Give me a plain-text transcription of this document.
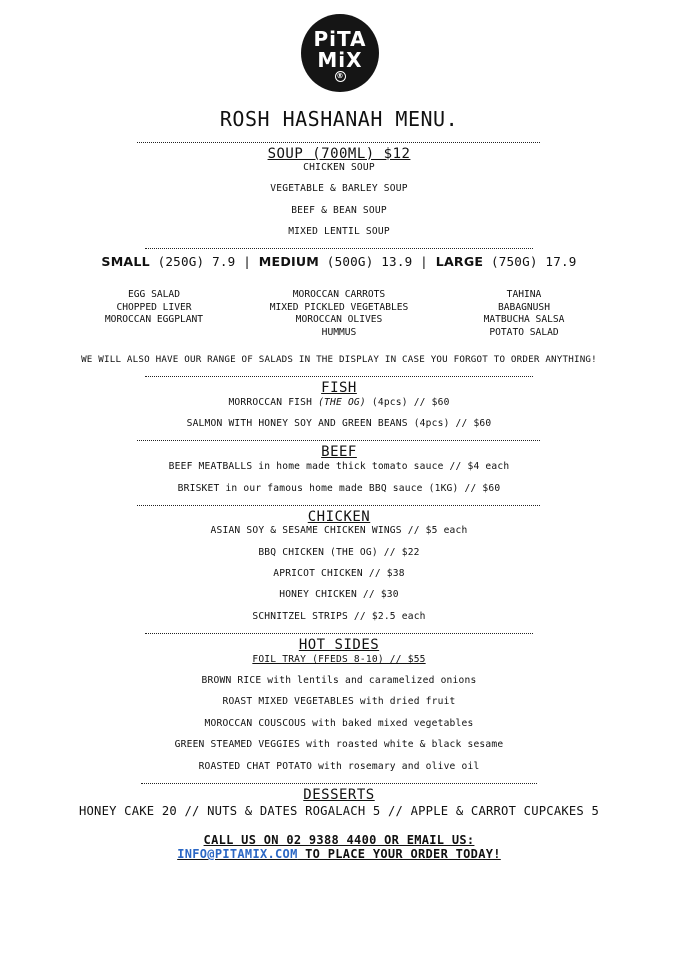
PiTA
MiX
®
ROSH HASHANAH MENU.
SOUP (700ML) $12
CHICKEN SOUP
VEGETABLE & BARLEY SOUP
BEEF & BEAN SOUP
MIXED LENTIL SOUP
SMALL (250G) 7.9 | MEDIUM (500G) 13.9 | LARGE (750G) 17.9
EGG SALAD
CHOPPED LIVER
MOROCCAN EGGPLANT
MOROCCAN CARROTS
MIXED PICKLED VEGETABLES
MOROCCAN OLIVES
HUMMUS
TAHINA
BABAGNUSH
MATBUCHA SALSA
POTATO SALAD
WE WILL ALSO HAVE OUR RANGE OF SALADS IN THE DISPLAY IN CASE YOU FORGOT TO ORDER ANYTHING!
FISH
MORROCCAN FISH (THE OG) (4pcs) // $60
SALMON WITH HONEY SOY AND GREEN BEANS (4pcs) // $60
BEEF
BEEF MEATBALLS in home made thick tomato sauce // $4 each
BRISKET in our famous home made BBQ sauce (1KG) // $60
CHICKEN
ASIAN SOY & SESAME CHICKEN WINGS // $5 each
BBQ CHICKEN (THE OG) // $22
APRICOT CHICKEN // $38
HONEY CHICKEN // $30
SCHNITZEL STRIPS // $2.5 each
HOT SIDES
FOIL TRAY (FFEDS 8-10) // $55
BROWN RICE with lentils and caramelized onions
ROAST MIXED VEGETABLES with dried fruit
MOROCCAN COUSCOUS with baked mixed vegetables
GREEN STEAMED VEGGIES with roasted white & black sesame
ROASTED CHAT POTATO with rosemary and olive oil
DESSERTS
HONEY CAKE 20 // NUTS & DATES ROGALACH 5 // APPLE & CARROT CUPCAKES 5
CALL US ON 02 9388 4400 OR EMAIL US:
INFO@PITAMIX.COM TO PLACE YOUR ORDER TODAY!
